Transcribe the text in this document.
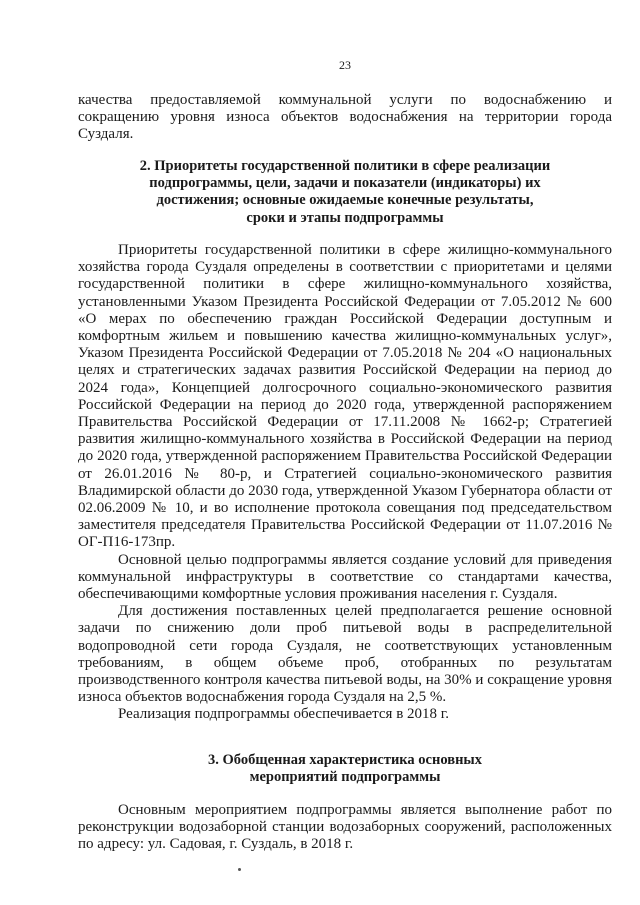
23

качества предоставляемой коммунальной услуги по водоснабжению и сокращению уровня износа объектов водоснабжения на территории города Суздаля.

2. Приоритеты государственной политики в сфере реализации
подпрограммы, цели, задачи и показатели (индикаторы) их
достижения; основные ожидаемые конечные результаты,
сроки и этапы подпрограммы

Приоритеты государственной политики в сфере жилищно-коммунального хозяйства города Суздаля определены в соответствии с приоритетами и целями государственной политики в сфере жилищно-коммунального хозяйства, установленными Указом Президента Российской Федерации от 7.05.2012 № 600 «О мерах по обеспечению граждан Российской Федерации доступным и комфортным жильем и повышению качества жилищно-коммунальных услуг», Указом Президента Российской Федерации от 7.05.2018 № 204 «О национальных целях и стратегических задачах развития Российской Федерации на период до 2024 года», Концепцией долгосрочного социально-экономического развития Российской Федерации на период до 2020 года, утвержденной распоряжением Правительства Российской Федерации от 17.11.2008 № 1662-р; Стратегией развития жилищно-коммунального хозяйства в Российской Федерации на период до 2020 года, утвержденной распоряжением Правительства Российской Федерации от 26.01.2016 № 80-р, и Стратегией социально-экономического развития Владимирской области до 2030 года, утвержденной Указом Губернатора области от 02.06.2009 № 10, и во исполнение протокола совещания под председательством заместителя председателя Правительства Российской Федерации от 11.07.2016 № ОГ-П16-173пр.

Основной целью подпрограммы является создание условий для приведения коммунальной инфраструктуры в соответствие со стандартами качества, обеспечивающими комфортные условия проживания населения г. Суздаля.

Для достижения поставленных целей предполагается решение основной задачи по снижению доли проб питьевой воды в распределительной водопроводной сети города Суздаля, не соответствующих установленным требованиям, в общем объеме проб, отобранных по результатам производственного контроля качества питьевой воды, на 30% и сокращение уровня износа объектов водоснабжения города Суздаля на 2,5 %.

Реализация подпрограммы обеспечивается в 2018 г.

3. Обобщенная характеристика основных
мероприятий подпрограммы

Основным мероприятием подпрограммы является выполнение работ по реконструкции водозаборной станции водозаборных сооружений, расположенных по адресу: ул. Садовая, г. Суздаль, в 2018 г.
